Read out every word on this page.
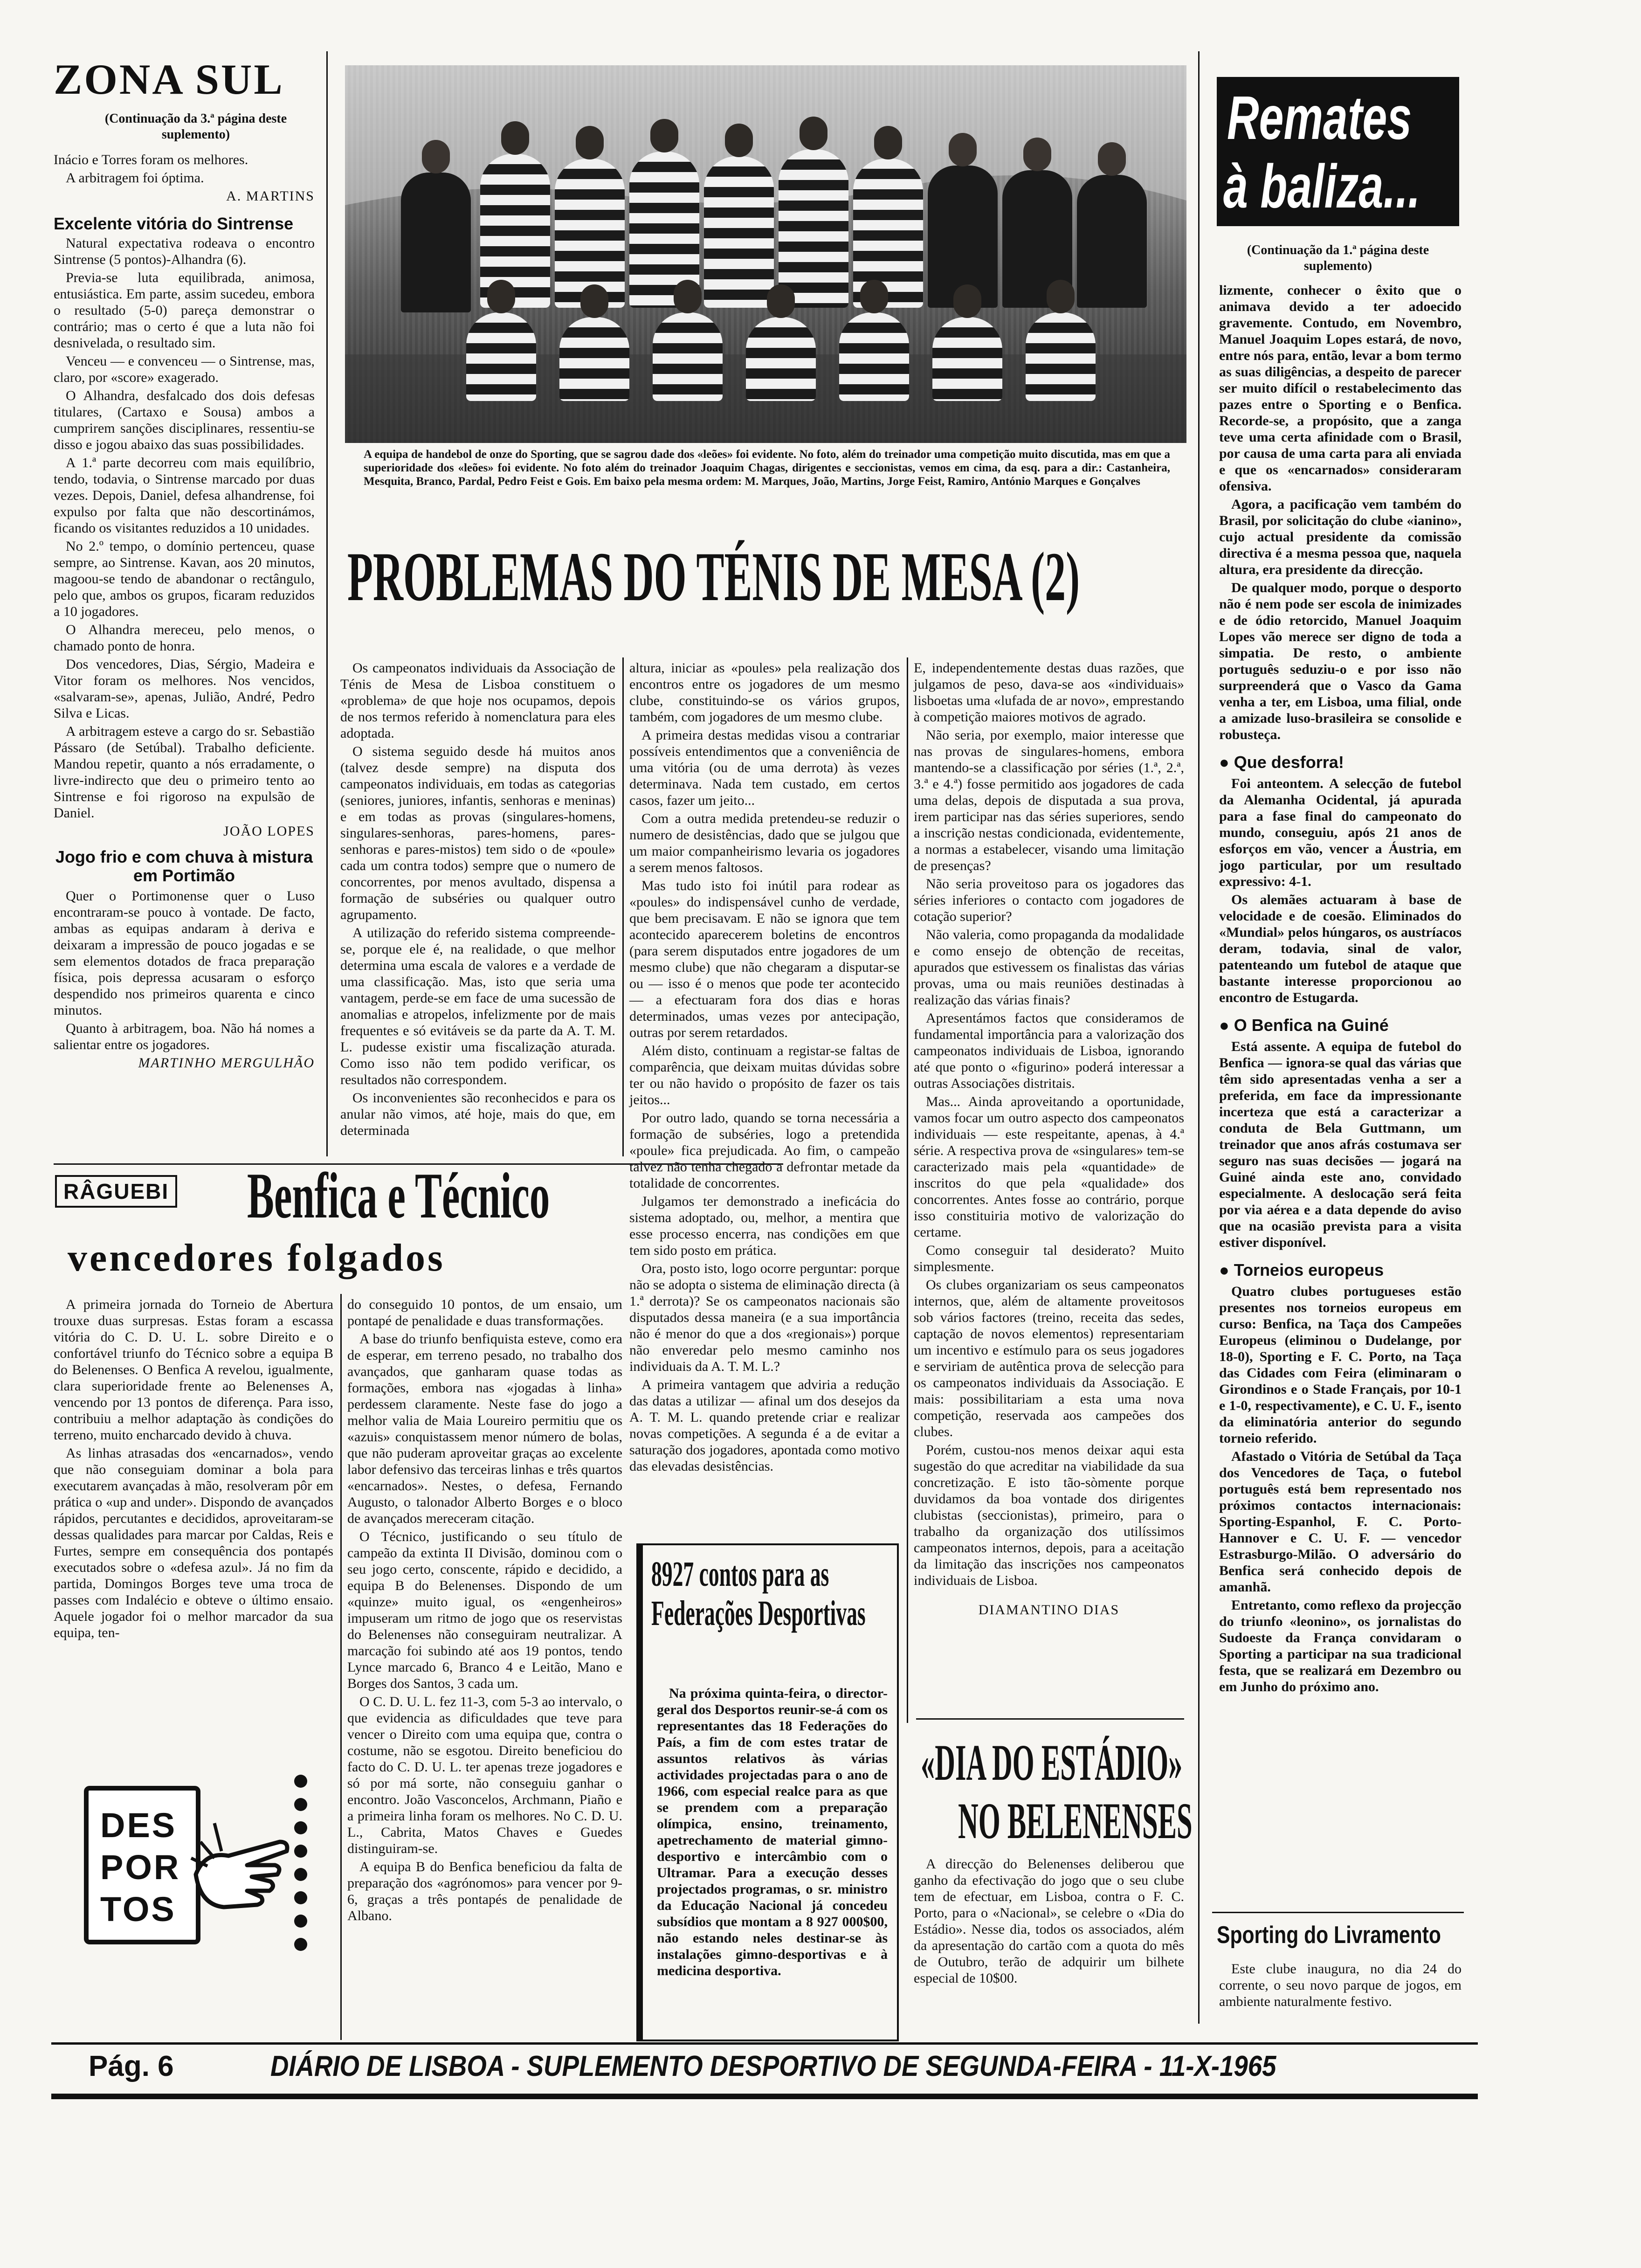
ZONA SUL
(Continuação da 3.ª página deste suplemento)

Inácio e Torres foram os melhores.

A arbitragem foi óptima.

A. MARTINS
Excelente vitória do Sintrense

Natural expectativa rodeava o encontro Sintrense (5 pontos)-Alhandra (6).

Previa-se luta equilibrada, animosa, entusiástica. Em parte, assim sucedeu, embora o resultado (5-0) pareça demonstrar o contrário; mas o certo é que a luta não foi desnivelada, o resultado sim.

Venceu — e convenceu — o Sintrense, mas, claro, por «score» exagerado.

O Alhandra, desfalcado dos dois defesas titulares, (Cartaxo e Sousa) ambos a cumprirem sanções disciplinares, ressentiu-se disso e jogou abaixo das suas possibilidades.

A 1.ª parte decorreu com mais equilíbrio, tendo, todavia, o Sintrense marcado por duas vezes. Depois, Daniel, defesa alhandrense, foi expulso por falta que não descortinámos, ficando os visitantes reduzidos a 10 unidades.

No 2.º tempo, o domínio pertenceu, quase sempre, ao Sintrense. Kavan, aos 20 minutos, magoou-se tendo de abandonar o rectângulo, pelo que, ambos os grupos, ficaram reduzidos a 10 jogadores.

O Alhandra mereceu, pelo menos, o chamado ponto de honra.

Dos vencedores, Dias, Sérgio, Madeira e Vitor foram os melhores. Nos vencidos, «salvaram-se», apenas, Julião, André, Pedro Silva e Licas.

A arbitragem esteve a cargo do sr. Sebastião Pássaro (de Setúbal). Trabalho deficiente. Mandou repetir, quanto a nós erradamente, o livre-indirecto que deu o primeiro tento ao Sintrense e foi rigoroso na expulsão de Daniel.

JOÃO LOPES
Jogo frio e com chuva à mistura em Portimão

Quer o Portimonense quer o Luso encontraram-se pouco à vontade. De facto, ambas as equipas andaram à deriva e deixaram a impressão de pouco jogadas e se sem elementos dotados de fraca preparação física, pois depressa acusaram o esforço despendido nos primeiros quarenta e cinco minutos.

Quanto à arbitragem, boa. Não há nomes a salientar entre os jogadores.

MARTINHO MERGULHÃO
A equipa de handebol de onze do Sporting, que se sagrou dade dos «leões» foi evidente. No foto, além do treinador uma competição muito discutida, mas em que a superioridade dos «leões» foi evidente. No foto além do treinador Joaquim Chagas, dirigentes e seccionistas, vemos em cima, da esq. para a dir.: Castanheira, Mesquita, Branco, Pardal, Pedro Feist e Gois. Em baixo pela mesma ordem: M. Marques, João, Martins, Jorge Feist, Ramiro, António Marques e Gonçalves
PROBLEMAS DO TÉNIS DE MESA (2)

Os campeonatos individuais da Associação de Ténis de Mesa de Lisboa constituem o «problema» de que hoje nos ocupamos, depois de nos termos referido à nomenclatura para eles adoptada.

O sistema seguido desde há muitos anos (talvez desde sempre) na disputa dos campeonatos individuais, em todas as categorias (seniores, juniores, infantis, senhoras e meninas) e em todas as provas (singulares-homens, singulares-senhoras, pares-homens, pares-senhoras e pares-mistos) tem sido o de «poule» cada um contra todos) sempre que o numero de concorrentes, por menos avultado, dispensa a formação de subséries ou qualquer outro agrupamento.

A utilização do referido sistema compreende-se, porque ele é, na realidade, o que melhor determina uma escala de valores e a verdade de uma classificação. Mas, isto que seria uma vantagem, perde-se em face de uma sucessão de anomalias e atropelos, infelizmente por de mais frequentes e só evitáveis se da parte da A. T. M. L. pudesse existir uma fiscalização aturada. Como isso não tem podido verificar, os resultados não correspondem.

Os inconvenientes são reconhecidos e para os anular não vimos, até hoje, mais do que, em determinada

altura, iniciar as «poules» pela realização dos encontros entre os jogadores de um mesmo clube, constituindo-se os vários grupos, também, com jogadores de um mesmo clube.

A primeira destas medidas visou a contrariar possíveis entendimentos que a conveniência de uma vitória (ou de uma derrota) às vezes determinava. Nada tem custado, em certos casos, fazer um jeito...

Com a outra medida pretendeu-se reduzir o numero de desistências, dado que se julgou que um maior companheirismo levaria os jogadores a serem menos faltosos.

Mas tudo isto foi inútil para rodear as «poules» do indispensável cunho de verdade, que bem precisavam. E não se ignora que tem acontecido aparecerem boletins de encontros (para serem disputados entre jogadores de um mesmo clube) que não chegaram a disputar-se ou — isso é o menos que pode ter acontecido — a efectuaram fora dos dias e horas determinados, umas vezes por antecipação, outras por serem retardados.

Além disto, continuam a registar-se faltas de comparência, que deixam muitas dúvidas sobre ter ou não havido o propósito de fazer os tais jeitos...

Por outro lado, quando se torna necessária a formação de subséries, logo a pretendida «poule» fica prejudicada. Ao fim, o campeão talvez não tenha chegado a defrontar metade da totalidade de concorrentes.

Julgamos ter demonstrado a ineficácia do sistema adoptado, ou, melhor, a mentira que esse processo encerra, nas condições em que tem sido posto em prática.

Ora, posto isto, logo ocorre perguntar: porque não se adopta o sistema de eliminação directa (à 1.ª derrota)? Se os campeonatos nacionais são disputados dessa maneira (e a sua importância não é menor do que a dos «regionais») porque não enveredar pelo mesmo caminho nos individuais da A. T. M. L.?

A primeira vantagem que adviria a redução das datas a utilizar — afinal um dos desejos da A. T. M. L. quando pretende criar e realizar novas competições. A segunda é a de evitar a saturação dos jogadores, apontada como motivo das elevadas desistências.

E, independentemente destas duas razões, que julgamos de peso, dava-se aos «individuais» lisboetas uma «lufada de ar novo», emprestando à competição maiores motivos de agrado.

Não seria, por exemplo, maior interesse que nas provas de singulares-homens, embora mantendo-se a classificação por séries (1.ª, 2.ª, 3.ª e 4.ª) fosse permitido aos jogadores de cada uma delas, depois de disputada a sua prova, irem participar nas das séries superiores, sendo a inscrição nestas condicionada, evidentemente, a normas a estabelecer, visando uma limitação de presenças?

Não seria proveitoso para os jogadores das séries inferiores o contacto com jogadores de cotação superior?

Não valeria, como propaganda da modalidade e como ensejo de obtenção de receitas, apurados que estivessem os finalistas das várias provas, uma ou mais reuniões destinadas à realização das várias finais?

Apresentámos factos que consideramos de fundamental importância para a valorização dos campeonatos individuais de Lisboa, ignorando até que ponto o «figurino» poderá interessar a outras Associações distritais.

Mas... Ainda aproveitando a oportunidade, vamos focar um outro aspecto dos campeonatos individuais — este respeitante, apenas, à 4.ª série. A respectiva prova de «singulares» tem-se caracterizado mais pela «quantidade» de inscritos do que pela «qualidade» dos concorrentes. Antes fosse ao contrário, porque isso constituiria motivo de valorização do certame.

Como conseguir tal desiderato? Muito simplesmente.

Os clubes organizariam os seus campeonatos internos, que, além de altamente proveitosos sob vários factores (treino, receita das sedes, captação de novos elementos) representariam um incentivo e estímulo para os seus jogadores e serviriam de autêntica prova de selecção para os campeonatos individuais da Associação. E mais: possibilitariam a esta uma nova competição, reservada aos campeões dos clubes.

Porém, custou-nos menos deixar aqui esta sugestão do que acreditar na viabilidade da sua concretização. E isto tão-sòmente porque duvidamos da boa vontade dos dirigentes clubistas (seccionistas), primeiro, para o trabalho da organização dos utilíssimos campeonatos internos, depois, para a aceitação da limitação das inscrições nos campeonatos individuais de Lisboa.

DIAMANTINO DIAS
RÂGUEBI Benfica e Técnico
vencedores folgados

A primeira jornada do Torneio de Abertura trouxe duas surpresas. Estas foram a escassa vitória do C. D. U. L. sobre Direito e o confortável triunfo do Técnico sobre a equipa B do Belenenses. O Benfica A revelou, igualmente, clara superioridade frente ao Belenenses A, vencendo por 13 pontos de diferença. Para isso, contribuiu a melhor adaptação às condições do terreno, muito encharcado devido à chuva.

As linhas atrasadas dos «encarnados», vendo que não conseguiam dominar a bola para executarem avançadas à mão, resolveram pôr em prática o «up and under». Dispondo de avançados rápidos, percutantes e decididos, aproveitaram-se dessas qualidades para marcar por Caldas, Reis e Furtes, sempre em consequência dos pontapés executados sobre o «defesa azul». Já no fim da partida, Domingos Borges teve uma troca de passes com Indalécio e obteve o último ensaio. Aquele jogador foi o melhor marcador da sua equipa, ten-

do conseguido 10 pontos, de um ensaio, um pontapé de penalidade e duas transformações.

A base do triunfo benfiquista esteve, como era de esperar, em terreno pesado, no trabalho dos avançados, que ganharam quase todas as formações, embora nas «jogadas à linha» perdessem claramente. Neste fase do jogo a melhor valia de Maia Loureiro permitiu que os «azuis» conquistassem menor número de bolas, que não puderam aproveitar graças ao excelente labor defensivo das terceiras linhas e três quartos «encarnados». Nestes, o defesa, Fernando Augusto, o talonador Alberto Borges e o bloco de avançados mereceram citação.

O Técnico, justificando o seu título de campeão da extinta II Divisão, dominou com o seu jogo certo, conscente, rápido e decidido, a equipa B do Belenenses. Dispondo de um «quinze» muito igual, os «engenheiros» impuseram um ritmo de jogo que os reservistas do Belenenses não conseguiram neutralizar. A marcação foi subindo até aos 19 pontos, tendo Lynce marcado 6, Branco 4 e Leitão, Mano e Borges dos Santos, 3 cada um.

O C. D. U. L. fez 11-3, com 5-3 ao intervalo, o que evidencia as dificuldades que teve para vencer o Direito com uma equipa que, contra o costume, não se esgotou. Direito beneficiou do facto do C. D. U. L. ter apenas treze jogadores e só por má sorte, não conseguiu ganhar o encontro. João Vasconcelos, Archmann, Piaño e a primeira linha foram os melhores. No C. D. U. L., Cabrita, Matos Chaves e Guedes distinguiram-se.

A equipa B do Benfica beneficiou da falta de preparação dos «agrónomos» para vencer por 9-6, graças a três pontapés de penalidade de Albano.

DES
POR
TOS
8927 contos para as Federações Desportivas
Na próxima quinta-feira, o director-geral dos Desportos reunir-se-á com os representantes das 18 Federações do País, a fim de com estes tratar de assuntos relativos às várias actividades projectadas para o ano de 1966, com especial realce para as que se prendem com a preparação olímpica, ensino, treinamento, apetrechamento de material gimno-desportivo e intercâmbio com o Ultramar. Para a execução desses projectados programas, o sr. ministro da Educação Nacional já concedeu subsídios que montam a 8 927 000$00, não estando neles destinar-se às instalações gimno-desportivas e à medicina desportiva.
«DIA DO ESTÁDIO»
NO BELENENSES

A direcção do Belenenses deliberou que ganho da efectivação do jogo que o seu clube tem de efectuar, em Lisboa, contra o F. C. Porto, para o «Nacional», se celebre o «Dia do Estádio». Nesse dia, todos os associados, além da apresentação do cartão com a quota do mês de Outubro, terão de adquirir um bilhete especial de 10$00.

Remates
à baliza...
(Continuação da 1.ª página deste suplemento)

lizmente, conhecer o êxito que o animava devido a ter adoecido gravemente. Contudo, em Novembro, Manuel Joaquim Lopes estará, de novo, entre nós para, então, levar a bom termo as suas diligências, a despeito de parecer ser muito difícil o restabelecimento das pazes entre o Sporting e o Benfica. Recorde-se, a propósito, que a zanga teve uma certa afinidade com o Brasil, por causa de uma carta para ali enviada e que os «encarnados» consideraram ofensiva.

Agora, a pacificação vem também do Brasil, por solicitação do clube «ianino», cujo actual presidente da comissão directiva é a mesma pessoa que, naquela altura, era presidente da direcção.

De qualquer modo, porque o desporto não é nem pode ser escola de inimizades e de ódio retorcido, Manuel Joaquim Lopes vão merece ser digno de toda a simpatia. De resto, o ambiente português seduziu-o e por isso não surpreenderá que o Vasco da Gama venha a ter, em Lisboa, uma filial, onde a amizade luso-brasileira se consolide e robusteça.

● Que desforra!

Foi anteontem. A selecção de futebol da Alemanha Ocidental, já apurada para a fase final do campeonato do mundo, conseguiu, após 21 anos de esforços em vão, vencer a Áustria, em jogo particular, por um resultado expressivo: 4-1.

Os alemães actuaram à base de velocidade e de coesão. Eliminados do «Mundial» pelos húngaros, os austríacos deram, todavia, sinal de valor, patenteando um futebol de ataque que bastante interesse proporcionou ao encontro de Estugarda.

● O Benfica na Guiné

Está assente. A equipa de futebol do Benfica — ignora-se qual das várias que têm sido apresentadas venha a ser a preferida, em face da impressionante incerteza que está a caracterizar a conduta de Bela Guttmann, um treinador que anos afrás costumava ser seguro nas suas decisões — jogará na Guiné ainda este ano, convidado especialmente. A deslocação será feita por via aérea e a data depende do aviso que na ocasião prevista para a visita estiver disponível.

● Torneios europeus

Quatro clubes portugueses estão presentes nos torneios europeus em curso: Benfica, na Taça dos Campeões Europeus (eliminou o Dudelange, por 18-0), Sporting e F. C. Porto, na Taça das Cidades com Feira (eliminaram o Girondinos e o Stade Français, por 10-1 e 1-0, respectivamente), e C. U. F., isento da eliminatória anterior do segundo torneio referido.

Afastado o Vitória de Setúbal da Taça dos Vencedores de Taça, o futebol português está bem representado nos próximos contactos internacionais: Sporting-Espanhol, F. C. Porto-Hannover e C. U. F. — vencedor Estrasburgo-Milão. O adversário do Benfica será conhecido depois de amanhã.

Entretanto, como reflexo da projecção do triunfo «leonino», os jornalistas do Sudoeste da França convidaram o Sporting a participar na sua tradicional festa, que se realizará em Dezembro ou em Junho do próximo ano.

Sporting do Livramento

Este clube inaugura, no dia 24 do corrente, o seu novo parque de jogos, em ambiente naturalmente festivo.

Pág. 6	DIÁRIO DE LISBOA - SUPLEMENTO DESPORTIVO DE SEGUNDA-FEIRA - 11-X-1965
